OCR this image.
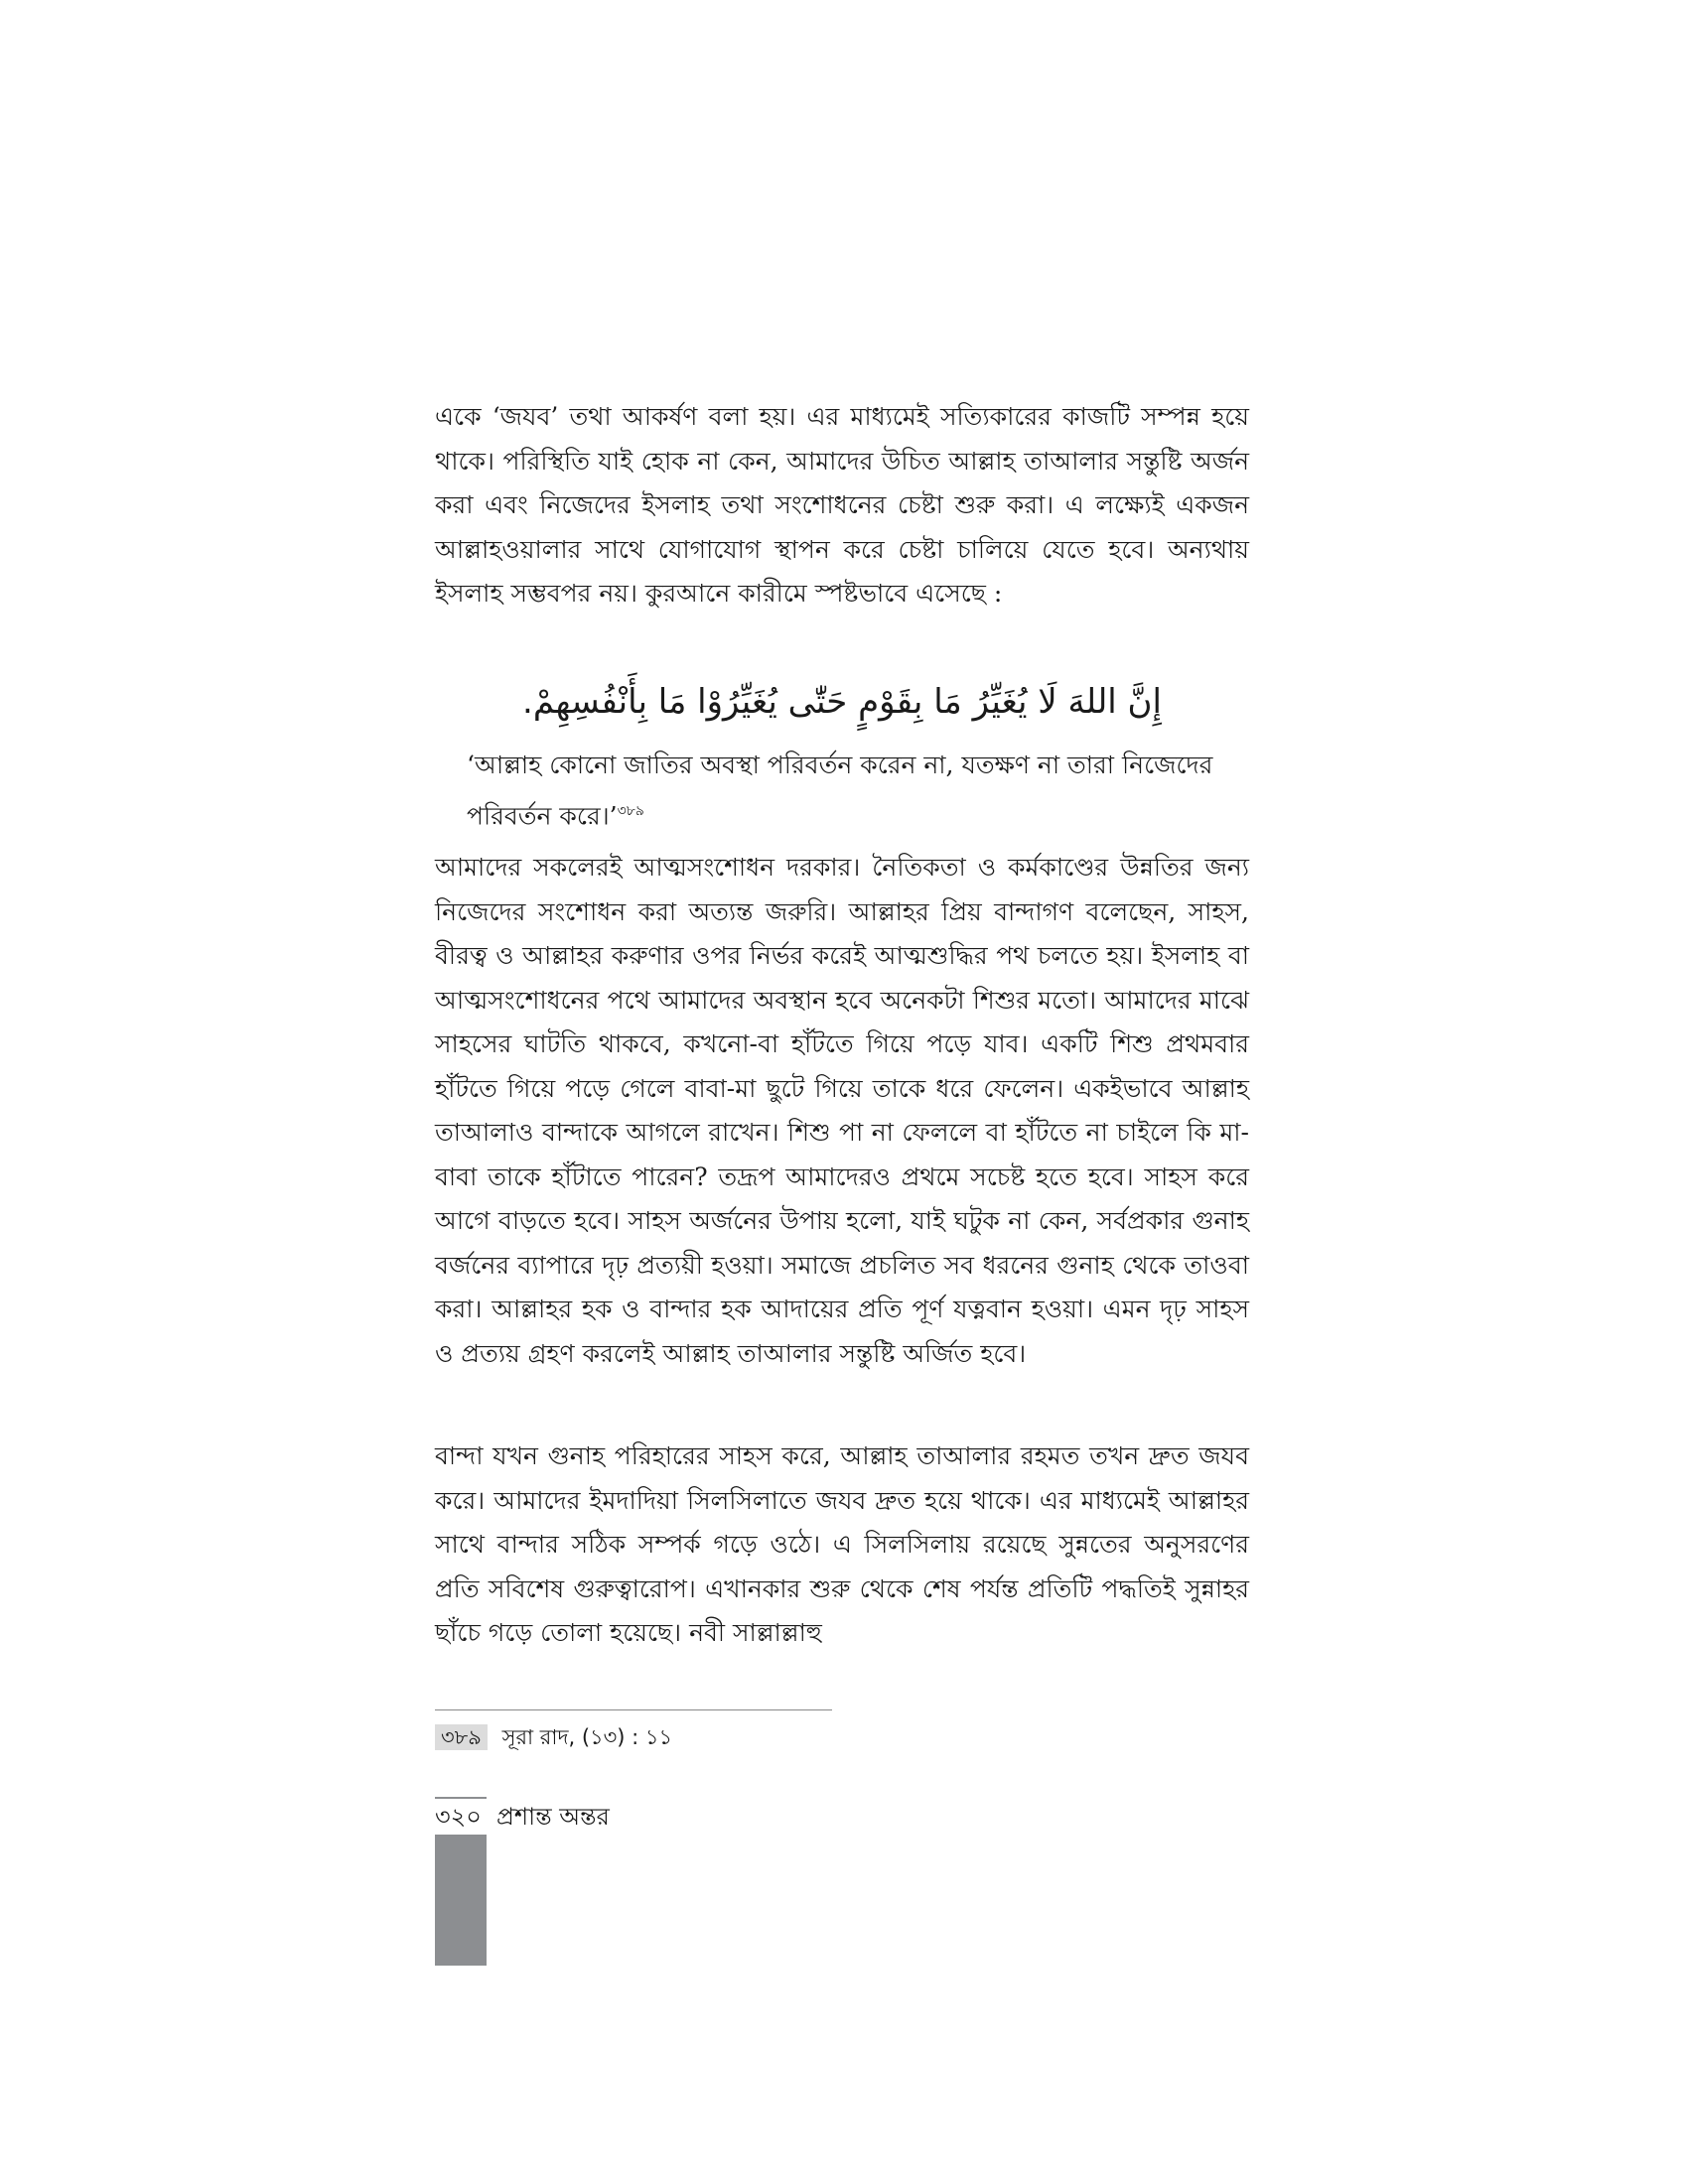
একে ‘জযব’ তথা আকর্ষণ বলা হয়। এর মাধ্যমেই সত্যিকারের কাজটি সম্পন্ন হয়ে থাকে। পরিস্থিতি যাই হোক না কেন, আমাদের উচিত আল্লাহ তাআলার সন্তুষ্টি অর্জন করা এবং নিজেদের ইসলাহ তথা সংশোধনের চেষ্টা শুরু করা। এ লক্ষ্যেই একজন আল্লাহওয়ালার সাথে যোগাযোগ স্থাপন করে চেষ্টা চালিয়ে যেতে হবে। অন্যথায় ইসলাহ সম্ভবপর নয়। কুরআনে কারীমে স্পষ্টভাবে এসেছে :

إِنَّ اللهَ لَا يُغَيِّرُ مَا بِقَوْمٍ حَتّٰى يُغَيِّرُوْا مَا بِأَنْفُسِهِمْ.

‘আল্লাহ কোনো জাতির অবস্থা পরিবর্তন করেন না, যতক্ষণ না তারা নিজেদের পরিবর্তন করে।’$^{৩৮৯}$

আমাদের সকলেরই আত্মসংশোধন দরকার। নৈতিকতা ও কর্মকাণ্ডের উন্নতির জন্য নিজেদের সংশোধন করা অত্যন্ত জরুরি। আল্লাহর প্রিয় বান্দাগণ বলেছেন, সাহস, বীরত্ব ও আল্লাহর করুণার ওপর নির্ভর করেই আত্মশুদ্ধির পথ চলতে হয়। ইসলাহ বা আত্মসংশোধনের পথে আমাদের অবস্থান হবে অনেকটা শিশুর মতো। আমাদের মাঝে সাহসের ঘাটতি থাকবে, কখনো-বা হাঁটতে গিয়ে পড়ে যাব। একটি শিশু প্রথমবার হাঁটতে গিয়ে পড়ে গেলে বাবা-মা ছুটে গিয়ে তাকে ধরে ফেলেন। একইভাবে আল্লাহ তাআলাও বান্দাকে আগলে রাখেন। শিশু পা না ফেললে বা হাঁটতে না চাইলে কি মা-বাবা তাকে হাঁটাতে পারেন? তদ্রূপ আমাদেরও প্রথমে সচেষ্ট হতে হবে। সাহস করে আগে বাড়তে হবে। সাহস অর্জনের উপায় হলো, যাই ঘটুক না কেন, সর্বপ্রকার গুনাহ বর্জনের ব্যাপারে দৃঢ় প্রত্যয়ী হওয়া। সমাজে প্রচলিত সব ধরনের গুনাহ থেকে তাওবা করা। আল্লাহর হক ও বান্দার হক আদায়ের প্রতি পূর্ণ যত্নবান হওয়া। এমন দৃঢ় সাহস ও প্রত্যয় গ্রহণ করলেই আল্লাহ তাআলার সন্তুষ্টি অর্জিত হবে।

বান্দা যখন গুনাহ পরিহারের সাহস করে, আল্লাহ তাআলার রহমত তখন দ্রুত জযব করে। আমাদের ইমদাদিয়া সিলসিলাতে জযব দ্রুত হয়ে থাকে। এর মাধ্যমেই আল্লাহর সাথে বান্দার সঠিক সম্পর্ক গড়ে ওঠে। এ সিলসিলায় রয়েছে সুন্নতের অনুসরণের প্রতি সবিশেষ গুরুত্বারোপ। এখানকার শুরু থেকে শেষ পর্যন্ত প্রতিটি পদ্ধতিই সুন্নাহর ছাঁচে গড়ে তোলা হয়েছে। নবী সাল্লাল্লাহু

৩৮৯ সূরা রাদ, (১৩) : ১১
৩২০ প্রশান্ত অন্তর
